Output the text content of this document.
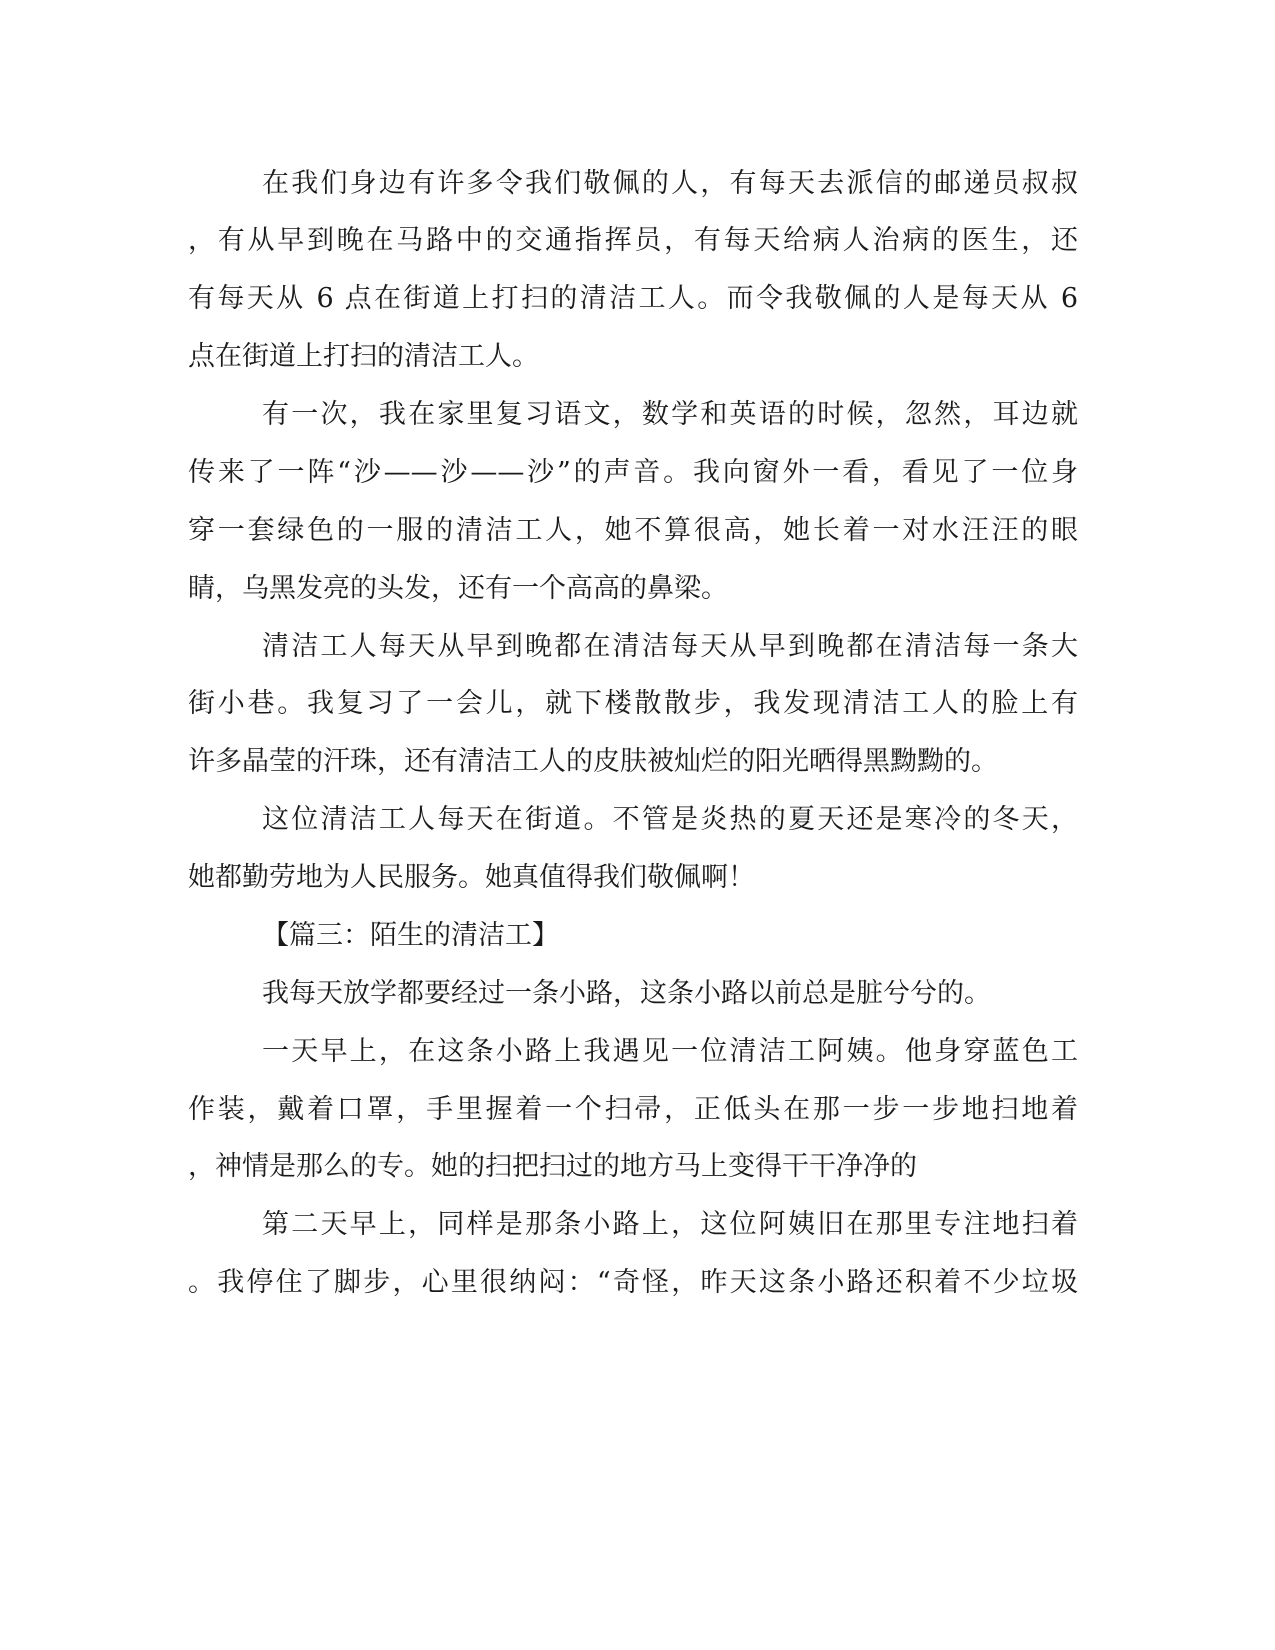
在我们身边有许多令我们敬佩的人，有每天去派信的邮递员叔叔
，有从早到晚在马路中的交通指挥员，有每天给病人治病的医生，还
有每天从 6 点在街道上打扫的清洁工人。而令我敬佩的人是每天从 6
点在街道上打扫的清洁工人。
有一次，我在家里复习语文，数学和英语的时候，忽然，耳边就
传来了一阵“沙——沙——沙”的声音。我向窗外一看，看见了一位身
穿一套绿色的一服的清洁工人，她不算很高，她长着一对水汪汪的眼
睛，乌黑发亮的头发，还有一个高高的鼻梁。
清洁工人每天从早到晚都在清洁每天从早到晚都在清洁每一条大
街小巷。我复习了一会儿，就下楼散散步，我发现清洁工人的脸上有
许多晶莹的汗珠，还有清洁工人的皮肤被灿烂的阳光晒得黑黝黝的。
这位清洁工人每天在街道。不管是炎热的夏天还是寒冷的冬天，
她都勤劳地为人民服务。她真值得我们敬佩啊！
【篇三：陌生的清洁工】
我每天放学都要经过一条小路，这条小路以前总是脏兮兮的。
一天早上，在这条小路上我遇见一位清洁工阿姨。他身穿蓝色工
作装，戴着口罩，手里握着一个扫帚，正低头在那一步一步地扫地着
，神情是那么的专。她的扫把扫过的地方马上变得干干净净的
第二天早上，同样是那条小路上，这位阿姨旧在那里专注地扫着
。我停住了脚步，心里很纳闷：“奇怪，昨天这条小路还积着不少垃圾
